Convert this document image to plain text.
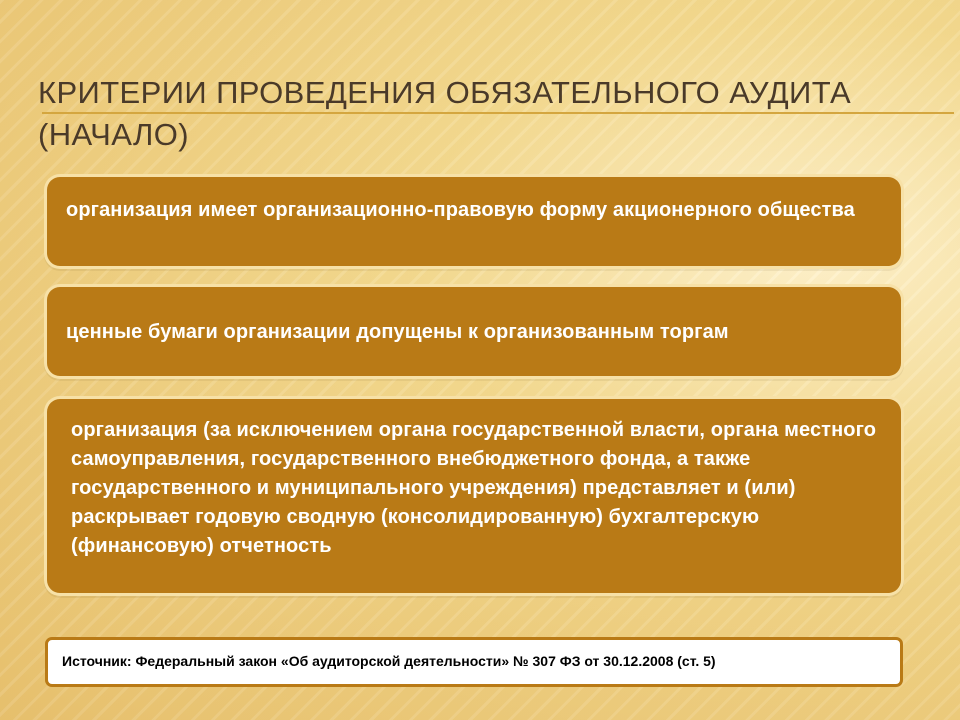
КРИТЕРИИ ПРОВЕДЕНИЯ ОБЯЗАТЕЛЬНОГО АУДИТА (НАЧАЛО)

организация имеет организационно-правовую форму акционерного общества

ценные бумаги организации допущены к организованным торгам

организация (за исключением органа государственной власти, органа местного самоуправления, государственного внебюджетного фонда, а также государственного и муниципального учреждения) представляет и (или) раскрывает годовую сводную (консолидированную) бухгалтерскую (финансовую) отчетность

Источник: Федеральный закон «Об аудиторской деятельности» № 307 ФЗ от 30.12.2008 (ст. 5)
